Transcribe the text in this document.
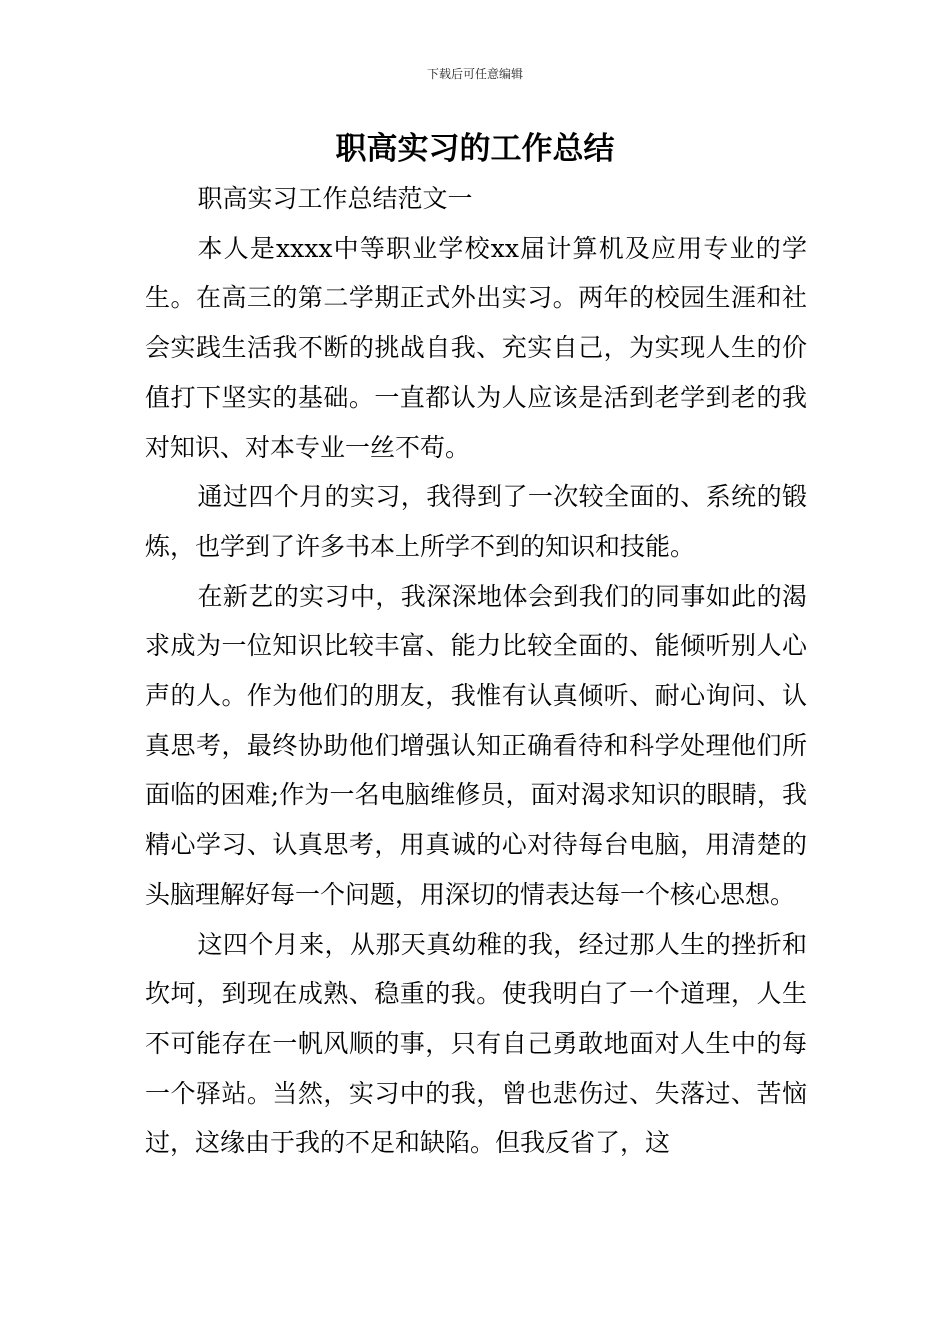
下载后可任意编辑
职高实习的工作总结

职高实习工作总结范文一

本人是xxxx中等职业学校xx届计算机及应用专业的学生。在高三的第二学期正式外出实习。两年的校园生涯和社会实践生活我不断的挑战自我、充实自己，为实现人生的价值打下坚实的基础。一直都认为人应该是活到老学到老的我对知识、对本专业一丝不苟。

通过四个月的实习，我得到了一次较全面的、系统的锻炼，也学到了许多书本上所学不到的知识和技能。

在新艺的实习中，我深深地体会到我们的同事如此的渴求成为一位知识比较丰富、能力比较全面的、能倾听别人心声的人。作为他们的朋友，我惟有认真倾听、耐心询问、认真思考，最终协助他们增强认知正确看待和科学处理他们所面临的困难;作为一名电脑维修员，面对渴求知识的眼睛，我精心学习、认真思考，用真诚的心对待每台电脑，用清楚的头脑理解好每一个问题，用深切的情表达每一个核心思想。

这四个月来，从那天真幼稚的我，经过那人生的挫折和坎坷，到现在成熟、稳重的我。使我明白了一个道理，人生不可能存在一帆风顺的事，只有自己勇敢地面对人生中的每一个驿站。当然，实习中的我，曾也悲伤过、失落过、苦恼过，这缘由于我的不足和缺陷。但我反省了，这
